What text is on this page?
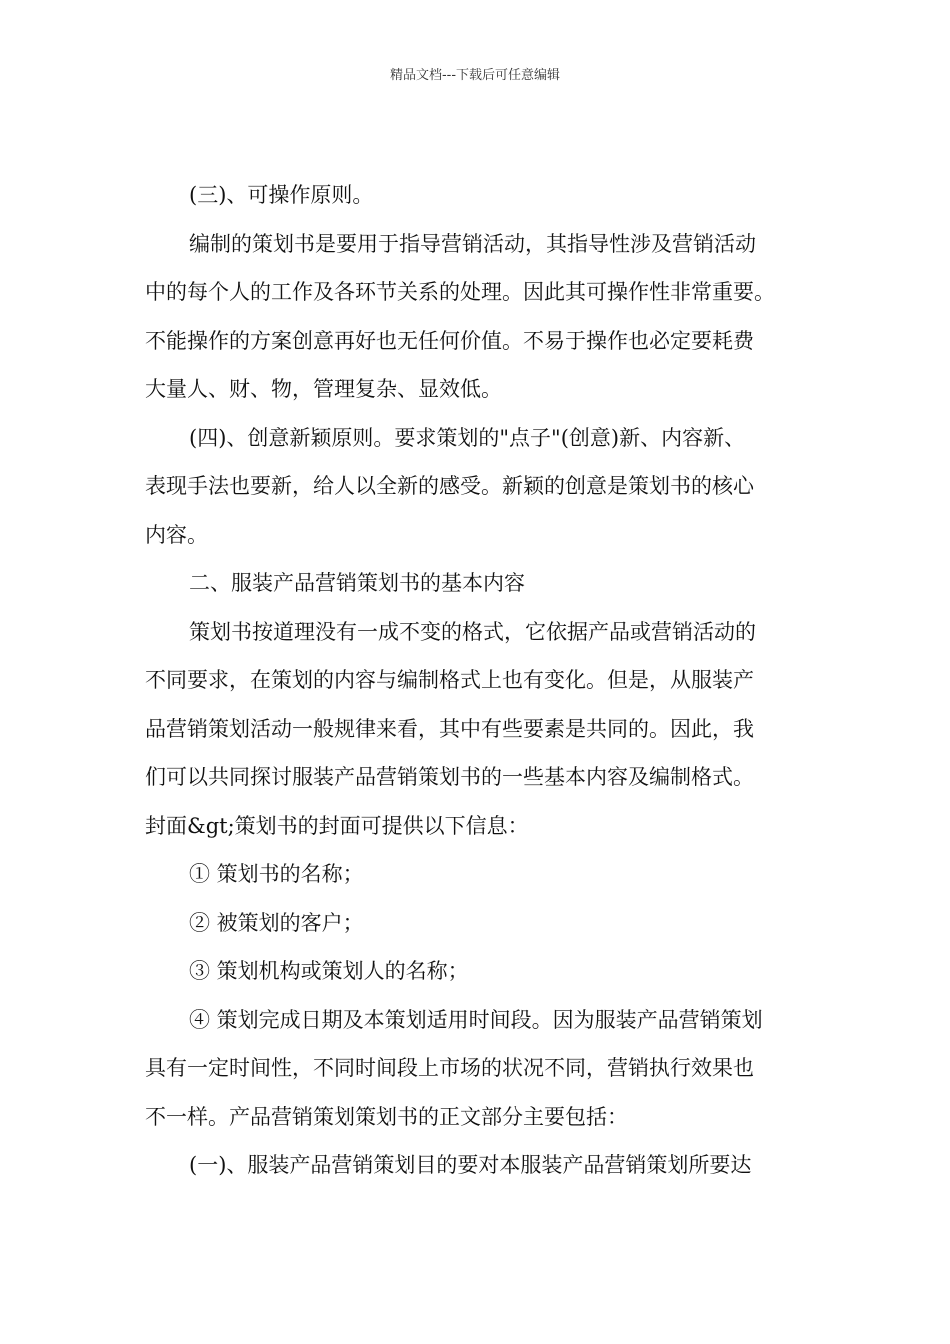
精品文档---下载后可任意编辑
(三)、可操作原则。
编制的策划书是要用于指导营销活动，其指导性涉及营销活动
中的每个人的工作及各环节关系的处理。因此其可操作性非常重要。
不能操作的方案创意再好也无任何价值。不易于操作也必定要耗费
大量人、财、物，管理复杂、显效低。
(四)、创意新颖原则。要求策划的"点子"(创意)新、内容新、
表现手法也要新，给人以全新的感受。新颖的创意是策划书的核心
内容。
二、服装产品营销策划书的基本内容
策划书按道理没有一成不变的格式，它依据产品或营销活动的
不同要求，在策划的内容与编制格式上也有变化。但是，从服装产
品营销策划活动一般规律来看，其中有些要素是共同的。因此，我
们可以共同探讨服装产品营销策划书的一些基本内容及编制格式。
封面&gt;策划书的封面可提供以下信息：
① 策划书的名称；
② 被策划的客户；
③ 策划机构或策划人的名称；
④ 策划完成日期及本策划适用时间段。因为服装产品营销策划
具有一定时间性，不同时间段上市场的状况不同，营销执行效果也
不一样。产品营销策划策划书的正文部分主要包括：
(一)、服装产品营销策划目的要对本服装产品营销策划所要达
